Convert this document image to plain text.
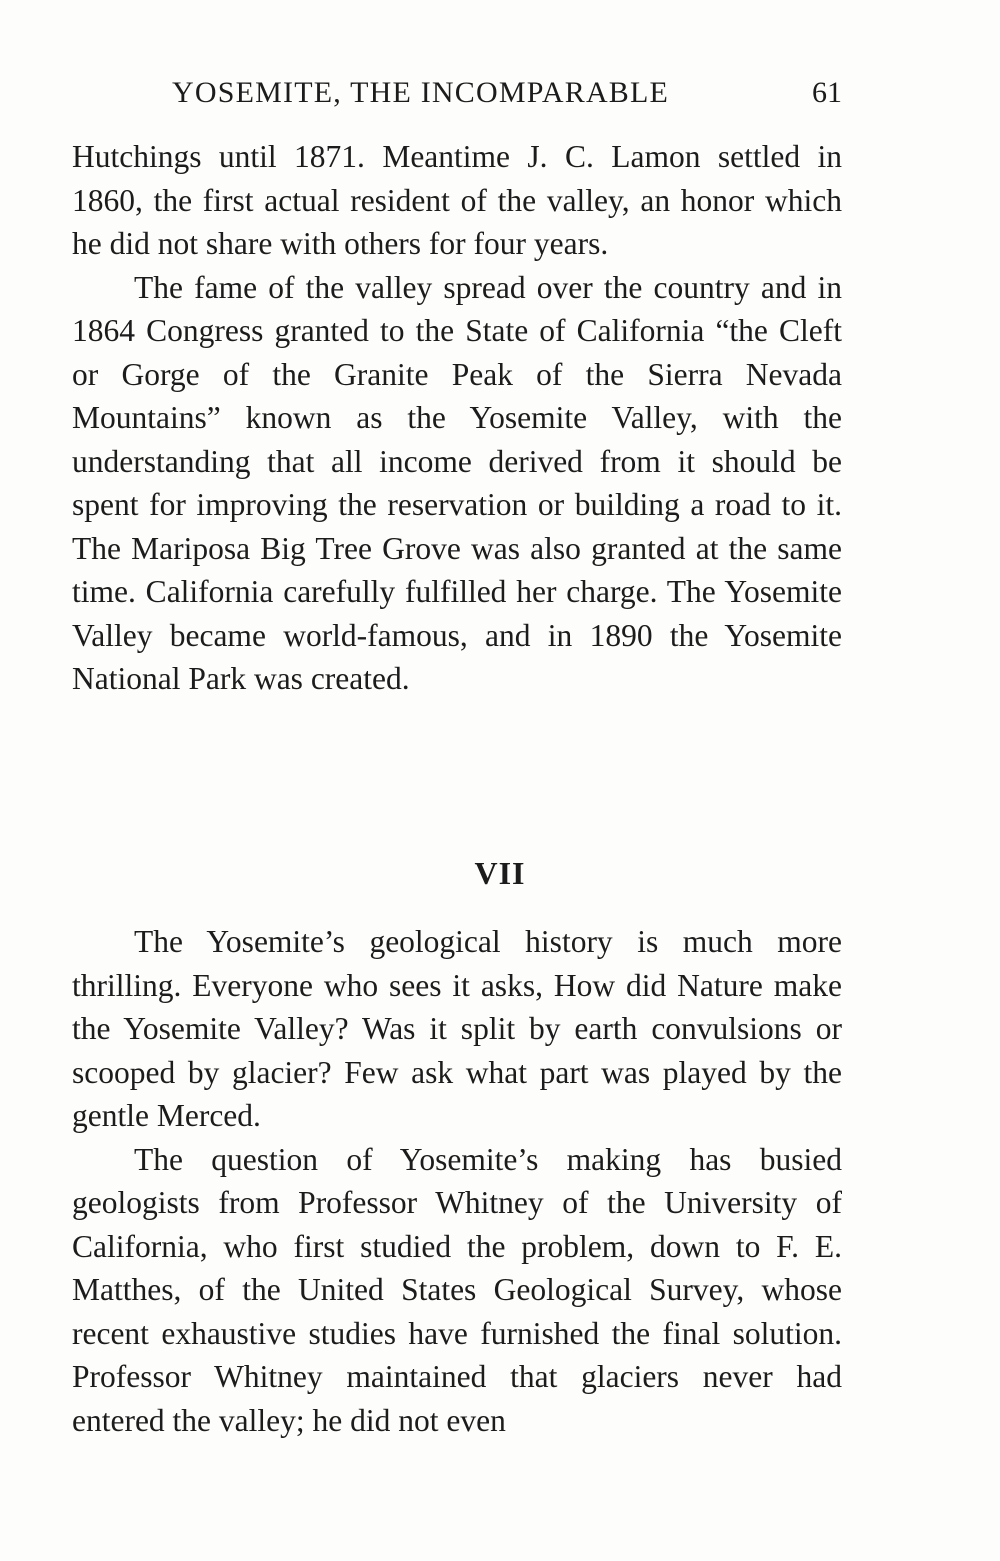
YOSEMITE, THE INCOMPARABLE	61

Hutchings until 1871. Meantime J. C. Lamon settled in 1860, the first actual resident of the valley, an honor which he did not share with others for four years.

The fame of the valley spread over the country and in 1864 Congress granted to the State of California “the Cleft or Gorge of the Granite Peak of the Sierra Nevada Mountains” known as the Yosemite Valley, with the understanding that all income derived from it should be spent for improving the reservation or building a road to it. The Mariposa Big Tree Grove was also granted at the same time. California carefully fulfilled her charge. The Yosemite Valley became world-famous, and in 1890 the Yosemite National Park was created.

VII

The Yosemite’s geological history is much more thrilling. Everyone who sees it asks, How did Nature make the Yosemite Valley? Was it split by earth convulsions or scooped by glacier? Few ask what part was played by the gentle Merced.

The question of Yosemite’s making has busied geologists from Professor Whitney of the University of California, who first studied the problem, down to F. E. Matthes, of the United States Geological Survey, whose recent exhaustive studies have furnished the final solution. Professor Whitney maintained that glaciers never had entered the valley; he did not even
